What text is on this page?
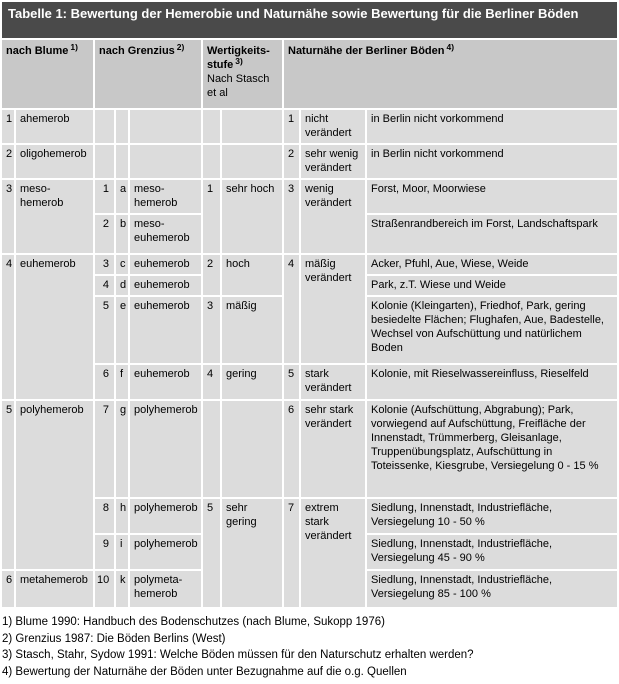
Tabelle 1: Bewertung der Hemerobie und Naturnähe sowie Bewertung für die Berliner Böden									
nach Blume $^{1)}$		nach Grenzius $^{2)}$			Wertigkeits-stufe $^{3)}$
Nach Stasch et al		Naturnähe der Berliner Böden $^{4)}$
1	ahemerob						1	nicht verändert	in Berlin nicht vorkommend
2	oligohemerob						2	sehr wenig verändert	in Berlin nicht vorkommend
3	meso-hemerob	1	a	meso-hemerob	1	sehr hoch	3	wenig verändert	Forst, Moor, Moorwiese
		2	b	meso-euhemerob					Straßenrandbereich im Forst, Landschaftspark
4	euhemerob	3	c	euhemerob	2	hoch	4	mäßig verändert	Acker, Pfuhl, Aue, Wiese, Weide
		4	d	euhemerob					Park, z.T. Wiese und Weide
		5	e	euhemerob	3	mäßig			Kolonie (Kleingarten), Friedhof, Park, gering besiedelte Flächen; Flughafen, Aue, Badestelle, Wechsel von Aufschüttung und natürlichem Boden
		6	f	euhemerob	4	gering	5	stark verändert	Kolonie, mit Rieselwassereinfluss, Rieselfeld
5	polyhemerob	7	g	polyhemerob			6	sehr stark verändert	Kolonie (Aufschüttung, Abgrabung); Park, vorwiegend auf Aufschüttung, Freifläche der Innenstadt, Trümmerberg, Gleisanlage, Truppenübungsplatz, Aufschüttung in Toteissenke, Kiesgrube, Versiegelung 0 - 15 %
		8	h	polyhemerob	5	sehr gering	7	extrem stark verändert	Siedlung, Innenstadt, Industriefläche, Versiegelung 10 - 50 %
		9	i	polyhemerob					Siedlung, Innenstadt, Industriefläche, Versiegelung 45 - 90 %
6	metahemerob	10	k	polymeta-hemerob					Siedlung, Innenstadt, Industriefläche, Versiegelung 85 - 100 %
1) Blume 1990: Handbuch des Bodenschutzes (nach Blume, Sukopp 1976)
2) Grenzius 1987: Die Böden Berlins (West)
3) Stasch, Stahr, Sydow 1991: Welche Böden müssen für den Naturschutz erhalten werden?
4) Bewertung der Naturnähe der Böden unter Bezugnahme auf die o.g. Quellen
